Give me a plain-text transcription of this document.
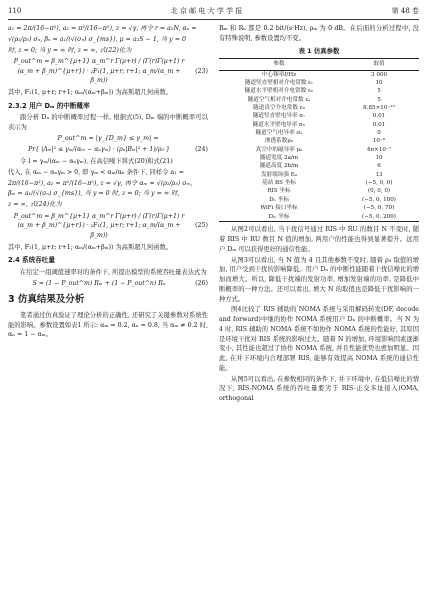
110	北 京 邮 电 大 学 学 报	第 48 卷

a₁ = 2π/(16−π²), a₂ = π²/(16−π²), z = √γ, 再令 r = a₂N, αₙ =

√(ρ₂/ρ₃) σₙ, βₙ = a₁/(√(σₙ) σ_{ms}), μ = a₂S − 1, 当 y = 0

时, z = 0; 当 y = ∞ 时, z = ∞, 式(22)化为

P_out^m = β_m^{μ+1} α_m^r Γ(μ+r) / (Γ(r)Γ(μ+1) r (α_m + β_m)^{μ+r}) · ₂F₁(1, μ+r; r+1; α_m/(α_m + β_m))
(23)

其中, F₁(1, μ+r; r+1; αₘ/(αₘ+βₘ)) 为高斯超几何函数。

2.3.2 用户 Dₘ 的中断概率

跟分析 Dₙ 的中断概率过程一样, 根据式(5), Dₘ 端的中断概率可以表示为

P_out^m = |γ_{D_m} ≤ γ_m| =

Pr{ |Λₘ|² ≤ γₘ/(αₘ − αₙγₘ) · (ρₙ|Bₘ|² + 1)/ρ₃ }	(24)

令 l = γₘ/(αₘ − αₙγₘ), 在高信噪下将式(20)和式(21)

代入, 在 αₘ − αₙγₘ > 0, 即 γₘ < αₘ/αₙ 条件下, 同样令 a₁ =

2π/(16−π²), a₂ = π²/(16−π²), z = √γ, 再令 αₘ = √(ρ₂/ρ₃) σₘ,

βₘ = a₁/(√(σₙ) σ_{ms}), 当 y = 0 时, z = 0; 当 y = ∞ 时,

z = ∞, 式(24)化为

P_out^m = β_m^{μ+1} α_m^r Γ(μ+r) / (Γ(r)Γ(μ+1) r (α_m + β_m)^{μ+r}) · ₂F₁(1, μ+r; r+1; α_m/(α_m + β_m))
(25)

其中, F₁(1, μ+r; r+1; αₘ/(αₘ+βₘ)) 为高斯超几何函数。

2.4 系统吞吐量

在给定一组阈值速率对的条件下, 所提出模型的系统吞吐量表达式为

S = (1 − P_out^m) Rₘ + (1 − P_out^n) Rₙ	(26)
3 仿真结果及分析

笔者通过仿真验证了理论分析的正确性, 还研究了关键参数对系统性能的影响。参数设置如表1 所示: αₘ = 0.2, αₙ = 0.8, 当 αₘ ≠ 0.2 时, αₙ = 1 − αₘ。

Rₘ 和 Rₙ 都是 0.2 bit/(s·Hz), ρₘ 为 0 dB。在后面的分析过程中, 没有特殊说明, 参数设置均不变。

表 1 仿真参数
参数	取值
中心频率f/Hz	3 000
隧道竖直壁相对介电常数 εᵥ	10
隧道水平壁相对介电常数 εₕ	5
隧道空气相对介电常数 εₐ	5
隧道真空介电常数 ε₀	8.85×10⁻¹²
隧道竖直壁电导率 σᵥ	0.01
隧道水平壁电导率 σₕ	0.01
隧道空气电导率 σₐ	0
渗透系数μ₀	10⁻⁶
真空中的磁导率 μ₀	4π×10⁻⁷
隧道宽度 2a/m	10
隧道高度 2b/m	6
发射端场强 E₀	13
基站 BS 坐标	(−5, 0, 0)
RIS 坐标	(0, 0, 0)
Dₙ 坐标	(−5, 0, 100)
WiFi 接口坐标	(−5, 0, 70)
Dₘ 坐标	(−5, 0, 200)

从图2可以看出, 当干扰信号通过 RIS 中 RU 的数目 N 不变时, 随着 RIS 中 RU 数目 N 值的增加, 两用户的性能也得到显著提升。远用户 Dₘ 可以获得更好的通信性能。

从图3可以看出, 当 N 值为 4 且其他参数不变时, 随着 ρ₃ 取值的增加, 用户受到干扰的影响降低。用户 Dₙ 的中断性能随着干扰信噪比的增加而增大。所以, 降低干扰端的发射功率, 增加发射端的功率, 是降低中断概率的一种方法。还可以看出, 增大 N 的取值也是降低干扰影响的一种方式。

图4比较了 RIS 辅助的 NOMA 系统与采用解码转发(DF, decode and forward)中继的协作 NOMA 系统用户 Dₙ 的中断概率。当 N 为 4 时, RIS 辅助的 NOMA 系统不如协作 NOMA 系统的性能好, 其原因是环境干扰对 RIS 系统的影响过大。随着 N 的增加, 环境影响因素逐渐变小, 其性能也超过了协作 NOMA 系统, 并且性能优势也愈加明显。因此, 在井下环境内合理部署 RIS, 能够有效提高 NOMA 系统的通信性能。

从图5可以看出, 在参数相同的条件下, 井下环境中, 在低信噪比的情况下, RIS-NOMA 系统的吞吐量要劣于 RIS-正交多址接入(OMA, orthogonal
